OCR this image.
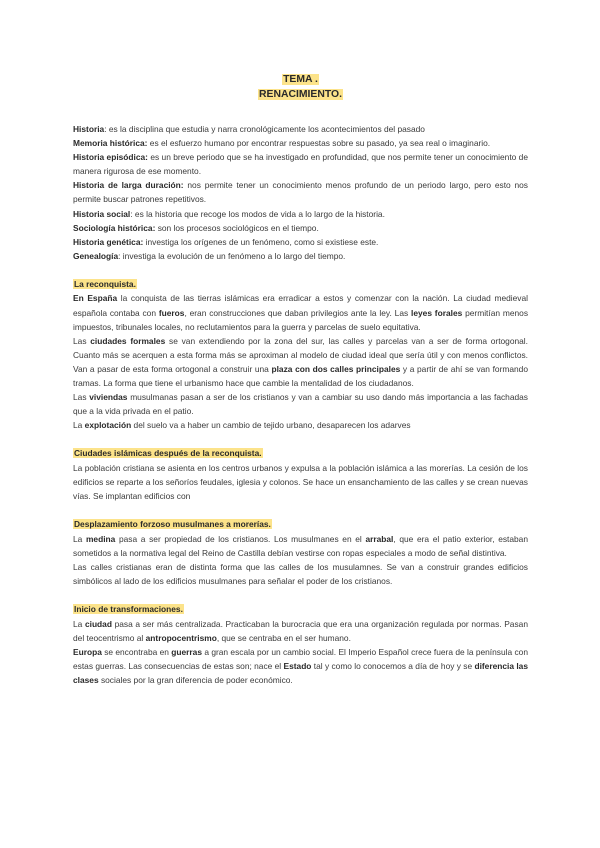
TEMA .
RENACIMIENTO.

Historia: es la disciplina que estudia y narra cronológicamente los acontecimientos del pasado

Memoria histórica: es el esfuerzo humano por encontrar respuestas sobre su pasado, ya sea real o imaginario.

Historia episódica: es un breve periodo que se ha investigado en profundidad, que nos permite tener un conocimiento de manera rigurosa de ese momento.

Historia de larga duración: nos permite tener un conocimiento menos profundo de un periodo largo, pero esto nos permite buscar patrones repetitivos.

Historia social: es la historia que recoge los modos de vida a lo largo de la historia.

Sociología histórica: son los procesos sociológicos en el tiempo.

Historia genética: investiga los orígenes de un fenómeno, como si existiese este.

Genealogía: investiga la evolución de un fenómeno a lo largo del tiempo.

La reconquista.

En España la conquista de las tierras islámicas era erradicar a estos y comenzar con la nación. La ciudad medieval española contaba con fueros, eran construcciones que daban privilegios ante la ley. Las leyes forales permitían menos impuestos, tribunales locales, no reclutamientos para la guerra y parcelas de suelo equitativa.

Las ciudades formales se van extendiendo por la zona del sur, las calles y parcelas van a ser de forma ortogonal. Cuanto más se acerquen a esta forma más se aproximan al modelo de ciudad ideal que sería útil y con menos conflictos. Van a pasar de esta forma ortogonal a construir una plaza con dos calles principales y a partir de ahí se van formando tramas. La forma que tiene el urbanismo hace que cambie la mentalidad de los ciudadanos.

Las viviendas musulmanas pasan a ser de los cristianos y van a cambiar su uso dando más importancia a las fachadas que a la vida privada en el patio.

La explotación del suelo va a haber un cambio de tejido urbano, desaparecen los adarves

Ciudades islámicas después de la reconquista.

La población cristiana se asienta en los centros urbanos y expulsa a la población islámica a las morerías. La cesión de los edificios se reparte a los señoríos feudales, iglesia y colonos. Se hace un ensanchamiento de las calles y se crean nuevas vías. Se implantan edificios con

Desplazamiento forzoso musulmanes a morerías.

La medina pasa a ser propiedad de los cristianos. Los musulmanes en el arrabal, que era el patio exterior, estaban sometidos a la normativa legal del Reino de Castilla debían vestirse con ropas especiales a modo de señal distintiva.

Las calles cristianas eran de distinta forma que las calles de los musulamnes. Se van a construir grandes edificios simbólicos al lado de los edificios musulmanes para señalar el poder de los cristianos.

Inicio de transformaciones.

La ciudad pasa a ser más centralizada. Practicaban la burocracia que era una organización regulada por normas. Pasan del teocentrismo al antropocentrismo, que se centraba en el ser humano.

Europa se encontraba en guerras a gran escala por un cambio social. El Imperio Español crece fuera de la península con estas guerras. Las consecuencias de estas son; nace el Estado tal y como lo conocemos a día de hoy y se diferencia las clases sociales por la gran diferencia de poder económico.
